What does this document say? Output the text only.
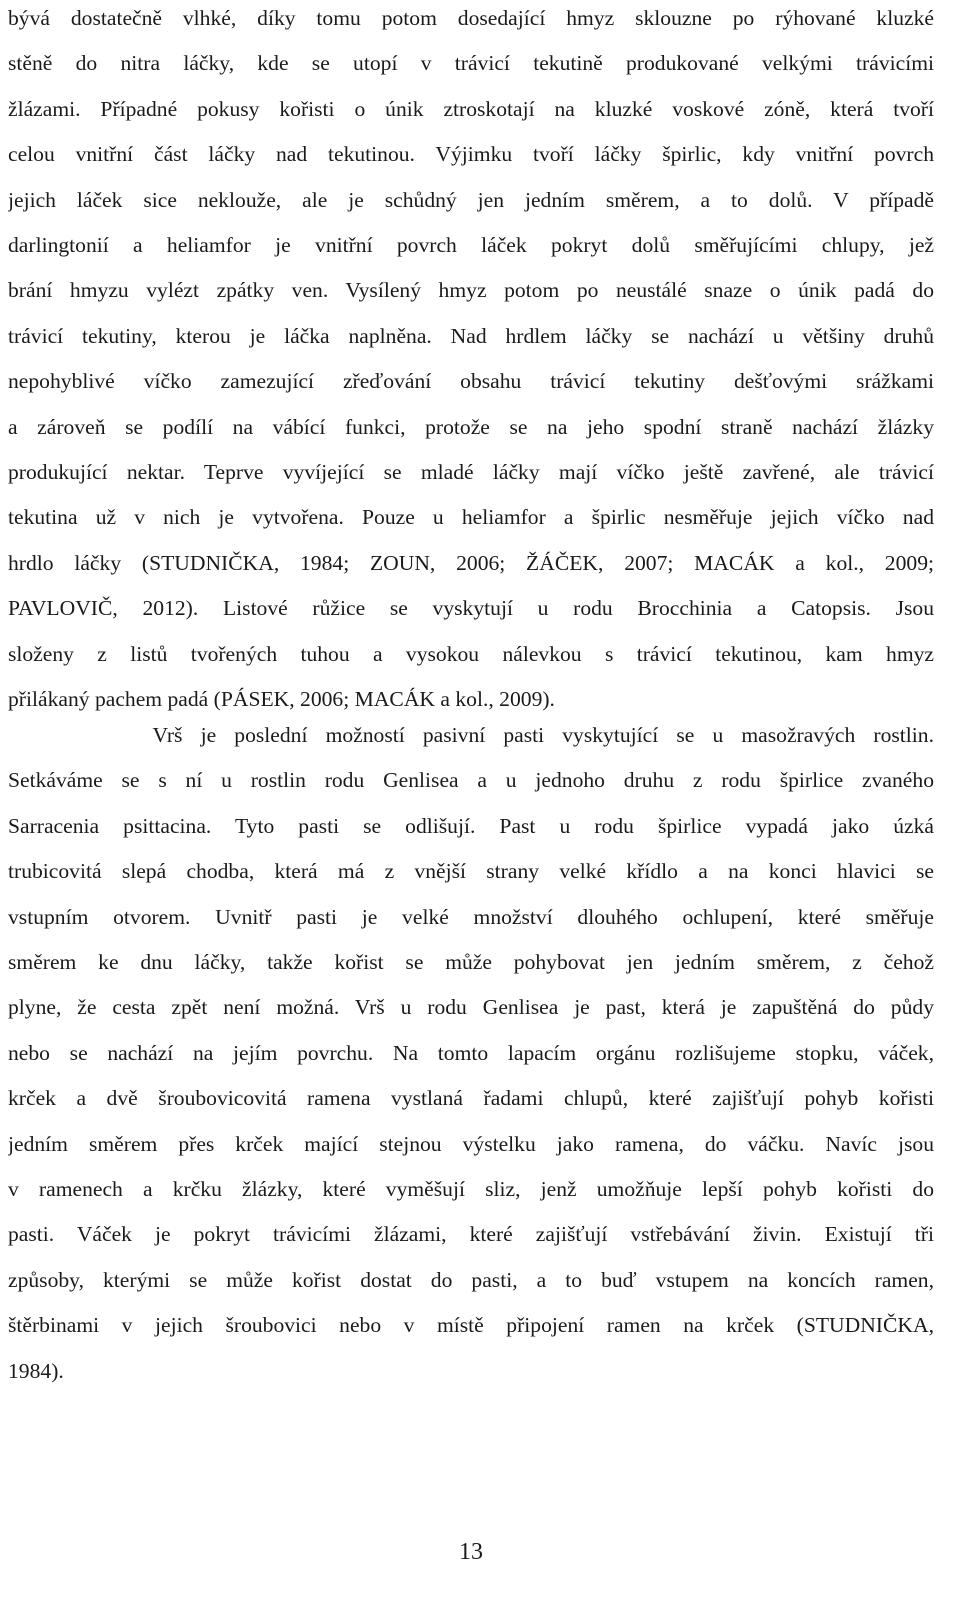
bývá dostatečně vlhké, díky tomu potom dosedající hmyz sklouzne po rýhované kluzké

stěně do nitra láčky, kde se utopí v trávicí tekutině produkované velkými trávicími

žlázami. Případné pokusy kořisti o únik ztroskotají na kluzké voskové zóně, která tvoří

celou vnitřní část láčky nad tekutinou. Výjimku tvoří láčky špirlic, kdy vnitřní povrch

jejich láček sice neklouže, ale je schůdný jen jedním směrem, a to dolů. V případě

darlingtonií a heliamfor je vnitřní povrch láček pokryt dolů směřujícími chlupy, jež

brání hmyzu vylézt zpátky ven. Vysílený hmyz potom po neustálé snaze o únik padá do

trávicí tekutiny, kterou je láčka naplněna. Nad hrdlem láčky se nachází u většiny druhů

nepohyblivé víčko zamezující zřeďování obsahu trávicí tekutiny dešťovými srážkami

a zároveň se podílí na vábící funkci, protože se na jeho spodní straně nachází žlázky

produkující nektar. Teprve vyvíjející se mladé láčky mají víčko ještě zavřené, ale trávicí

tekutina už v nich je vytvořena. Pouze u heliamfor a špirlic nesměřuje jejich víčko nad

hrdlo láčky (STUDNIČKA, 1984; ZOUN, 2006; ŽÁČEK, 2007; MACÁK a kol., 2009;

PAVLOVIČ, 2012). Listové růžice se vyskytují u rodu Brocchinia a Catopsis. Jsou

složeny z listů tvořených tuhou a vysokou nálevkou s trávicí tekutinou, kam hmyz

přilákaný pachem padá (PÁSEK, 2006; MACÁK a kol., 2009).

Vrš je poslední možností pasivní pasti vyskytující se u masožravých rostlin.

Setkáváme se s ní u rostlin rodu Genlisea a u jednoho druhu z rodu špirlice zvaného

Sarracenia psittacina. Tyto pasti se odlišují. Past u rodu špirlice vypadá jako úzká

trubicovitá slepá chodba, která má z vnější strany velké křídlo a na konci hlavici se

vstupním otvorem. Uvnitř pasti je velké množství dlouhého ochlupení, které směřuje

směrem ke dnu láčky, takže kořist se může pohybovat jen jedním směrem, z čehož

plyne, že cesta zpět není možná. Vrš u rodu Genlisea je past, která je zapuštěná do půdy

nebo se nachází na jejím povrchu. Na tomto lapacím orgánu rozlišujeme stopku, váček,

krček a dvě šroubovicovitá ramena vystlaná řadami chlupů, které zajišťují pohyb kořisti

jedním směrem přes krček mající stejnou výstelku jako ramena, do váčku. Navíc jsou

v ramenech a krčku žlázky, které vyměšují sliz, jenž umožňuje lepší pohyb kořisti do

pasti. Váček je pokryt trávicími žlázami, které zajišťují vstřebávání živin. Existují tři

způsoby, kterými se může kořist dostat do pasti, a to buď vstupem na koncích ramen,

štěrbinami v jejich šroubovici nebo v místě připojení ramen na krček (STUDNIČKA,

1984).

13
